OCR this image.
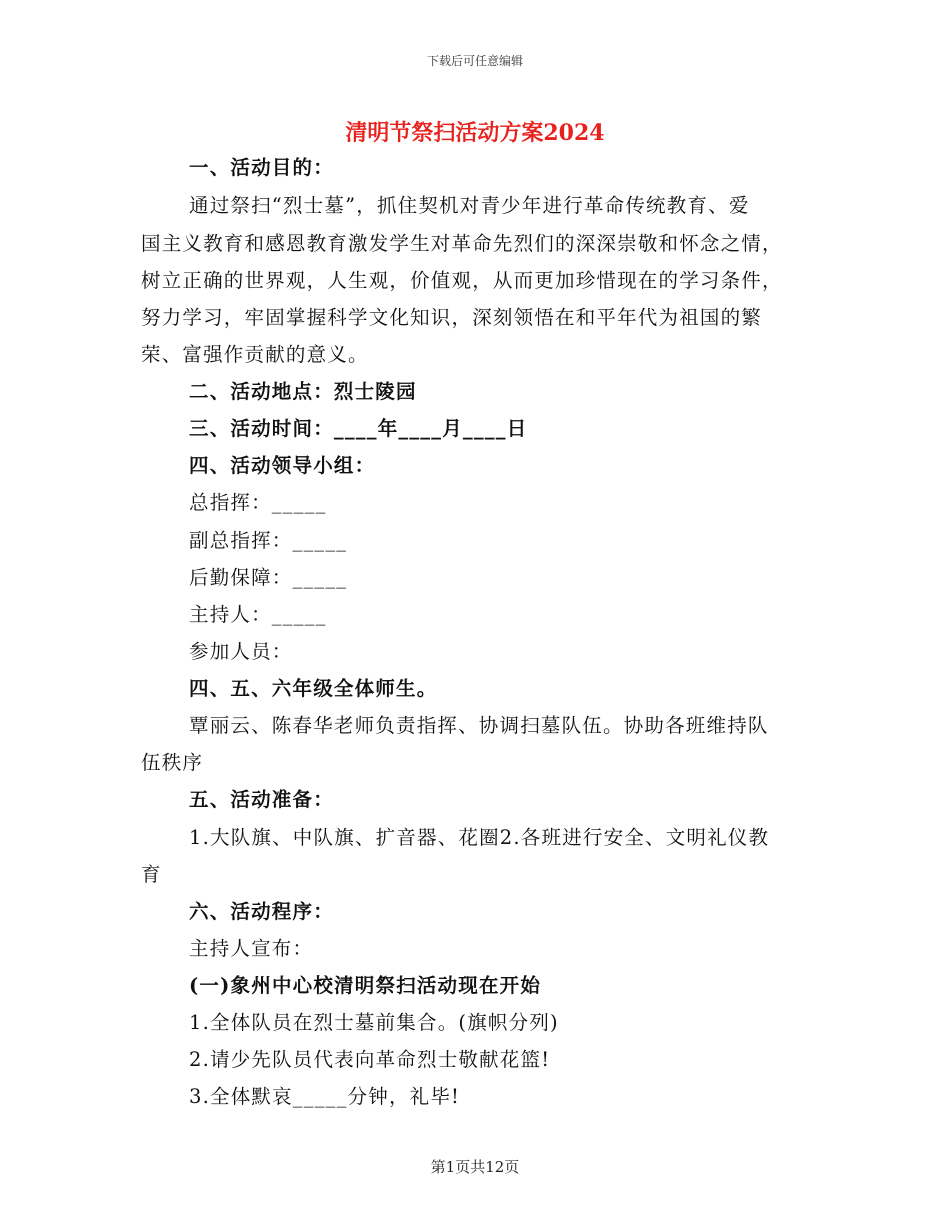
下载后可任意编辑
清明节祭扫活动方案2024
一、活动目的：
通过祭扫“烈士墓”，抓住契机对青少年进行革命传统教育、爱
国主义教育和感恩教育激发学生对革命先烈们的深深崇敬和怀念之情，
树立正确的世界观，人生观，价值观，从而更加珍惜现在的学习条件，
努力学习，牢固掌握科学文化知识，深刻领悟在和平年代为祖国的繁
荣、富强作贡献的意义。
二、活动地点：烈士陵园
三、活动时间：____年____月____日
四、活动领导小组：
总指挥：_____
副总指挥：_____
后勤保障：_____
主持人：_____
参加人员：
四、五、六年级全体师生。
覃丽云、陈春华老师负责指挥、协调扫墓队伍。协助各班维持队
伍秩序
五、活动准备：
1.大队旗、中队旗、扩音器、花圈2.各班进行安全、文明礼仪教
育
六、活动程序：
主持人宣布：
(一)象州中心校清明祭扫活动现在开始
1.全体队员在烈士墓前集合。(旗帜分列)
2.请少先队员代表向革命烈士敬献花篮!
3.全体默哀_____分钟，礼毕!
第1页共12页
